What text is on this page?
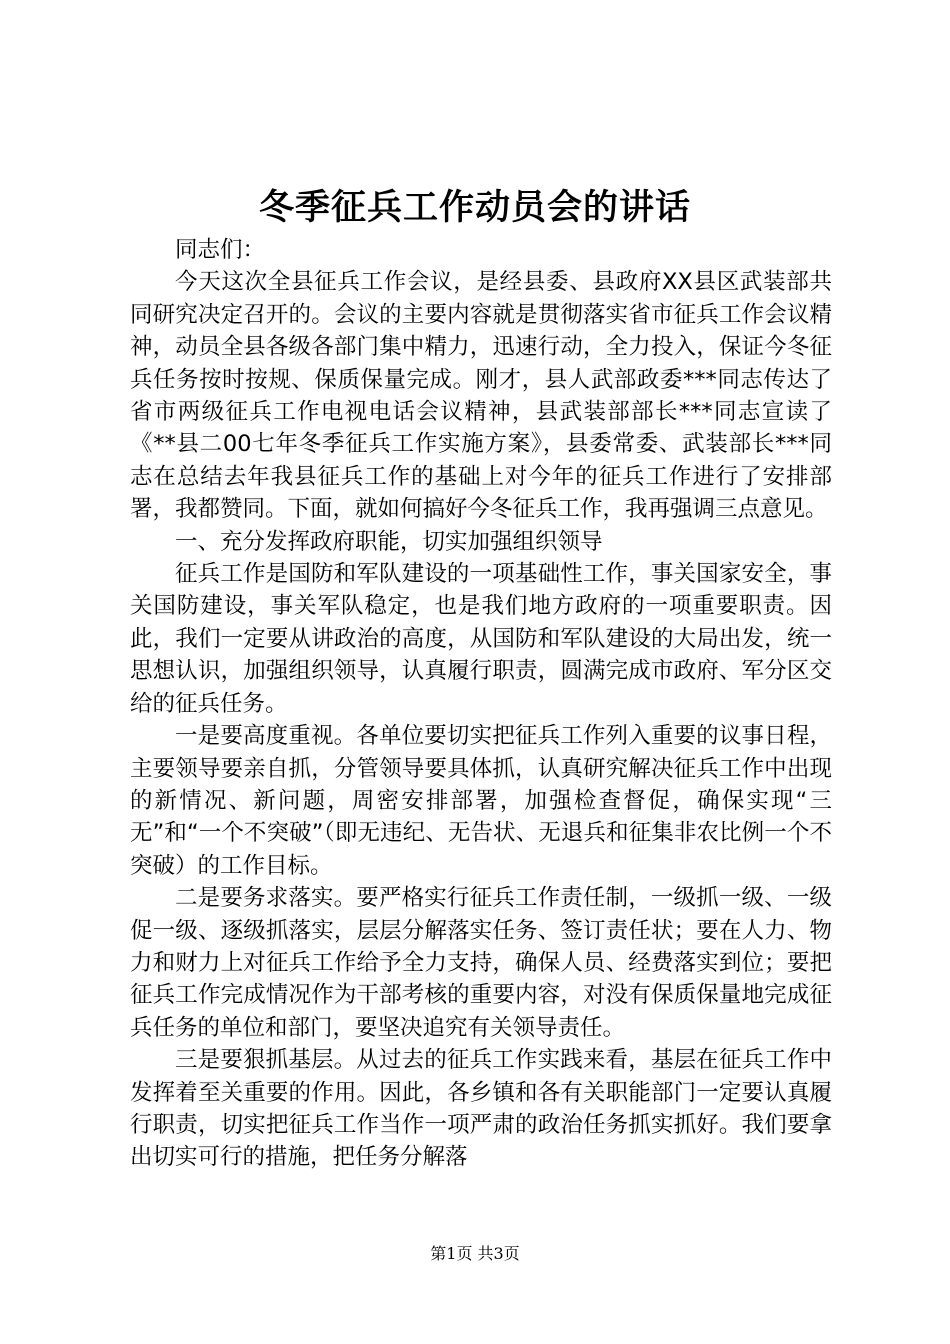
冬季征兵工作动员会的讲话

同志们：

今天这次全县征兵工作会议，是经县委、县政府XX县区武装部共同研究决定召开的。会议的主要内容就是贯彻落实省市征兵工作会议精神，动员全县各级各部门集中精力，迅速行动，全力投入，保证今冬征兵任务按时按规、保质保量完成。刚才，县人武部政委***同志传达了省市两级征兵工作电视电话会议精神，县武装部部长***同志宣读了《**县二00七年冬季征兵工作实施方案》，县委常委、武装部长***同志在总结去年我县征兵工作的基础上对今年的征兵工作进行了安排部署，我都赞同。下面，就如何搞好今冬征兵工作，我再强调三点意见。

一、充分发挥政府职能，切实加强组织领导

征兵工作是国防和军队建设的一项基础性工作，事关国家安全，事关国防建设，事关军队稳定，也是我们地方政府的一项重要职责。因此，我们一定要从讲政治的高度，从国防和军队建设的大局出发，统一思想认识，加强组织领导，认真履行职责，圆满完成市政府、军分区交给的征兵任务。

一是要高度重视。各单位要切实把征兵工作列入重要的议事日程，主要领导要亲自抓，分管领导要具体抓，认真研究解决征兵工作中出现的新情况、新问题，周密安排部署，加强检查督促，确保实现“三无”和“一个不突破”（即无违纪、无告状、无退兵和征集非农比例一个不突破）的工作目标。

二是要务求落实。要严格实行征兵工作责任制，一级抓一级、一级促一级、逐级抓落实，层层分解落实任务、签订责任状；要在人力、物力和财力上对征兵工作给予全力支持，确保人员、经费落实到位；要把征兵工作完成情况作为干部考核的重要内容，对没有保质保量地完成征兵任务的单位和部门，要坚决追究有关领导责任。

三是要狠抓基层。从过去的征兵工作实践来看，基层在征兵工作中发挥着至关重要的作用。因此，各乡镇和各有关职能部门一定要认真履行职责，切实把征兵工作当作一项严肃的政治任务抓实抓好。我们要拿出切实可行的措施，把任务分解落

第1页 共3页
